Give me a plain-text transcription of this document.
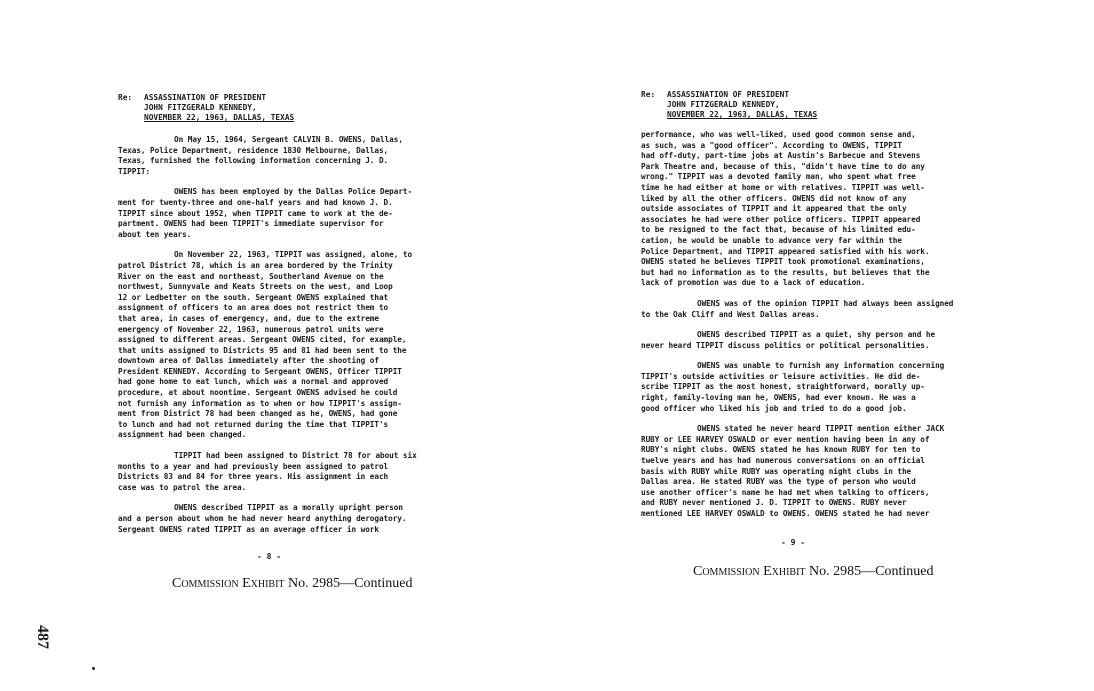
Re: ASSASSINATION OF PRESIDENT
JOHN FITZGERALD KENNEDY,
NOVEMBER 22, 1963, DALLAS, TEXAS

On May 15, 1964, Sergeant CALVIN B. OWENS, Dallas,
Texas, Police Department, residence 1830 Melbourne, Dallas,
Texas, furnished the following information concerning J. D.
TIPPIT:

OWENS has been employed by the Dallas Police Depart-
ment for twenty-three and one-half years and had known J. D.
TIPPIT since about 1952, when TIPPIT came to work at the de-
partment. OWENS had been TIPPIT's immediate supervisor for
about ten years.

On November 22, 1963, TIPPIT was assigned, alone, to
patrol District 78, which is an area bordered by the Trinity
River on the east and northeast, Southerland Avenue on the
northwest, Sunnyvale and Keats Streets on the west, and Loop
12 or Ledbetter on the south. Sergeant OWENS explained that
assignment of officers to an area does not restrict them to
that area, in cases of emergency, and, due to the extreme
emergency of November 22, 1963, numerous patrol units were
assigned to different areas. Sergeant OWENS cited, for example,
that units assigned to Districts 95 and 81 had been sent to the
downtown area of Dallas immediately after the shooting of
President KENNEDY. According to Sergeant OWENS, Officer TIPPIT
had gone home to eat lunch, which was a normal and approved
procedure, at about noontime. Sergeant OWENS advised he could
not furnish any information as to when or how TIPPIT's assign-
ment from District 78 had been changed as he, OWENS, had gone
to lunch and had not returned during the time that TIPPIT's
assignment had been changed.

TIPPIT had been assigned to District 78 for about six
months to a year and had previously been assigned to patrol
Districts 83 and 84 for three years. His assignment in each
case was to patrol the area.

OWENS described TIPPIT as a morally upright person
and a person about whom he had never heard anything derogatory.
Sergeant OWENS rated TIPPIT as an average officer in work

- 8 -
Commission Exhibit No. 2985—Continued
Re: ASSASSINATION OF PRESIDENT
JOHN FITZGERALD KENNEDY,
NOVEMBER 22, 1963, DALLAS, TEXAS

performance, who was well-liked, used good common sense and,
as such, was a "good officer". According to OWENS, TIPPIT
had off-duty, part-time jobs at Austin's Barbecue and Stevens
Park Theatre and, because of this, "didn't have time to do any
wrong." TIPPIT was a devoted family man, who spent what free
time he had either at home or with relatives. TIPPIT was well-
liked by all the other officers. OWENS did not know of any
outside associates of TIPPIT and it appeared that the only
associates he had were other police officers. TIPPIT appeared
to be resigned to the fact that, because of his limited edu-
cation, he would be unable to advance very far within the
Police Department, and TIPPIT appeared satisfied with his work.
OWENS stated he believes TIPPIT took promotional examinations,
but had no information as to the results, but believes that the
lack of promotion was due to a lack of education.

OWENS was of the opinion TIPPIT had always been assigned
to the Oak Cliff and West Dallas areas.

OWENS described TIPPIT as a quiet, shy person and he
never heard TIPPIT discuss politics or political personalities.

OWENS was unable to furnish any information concerning
TIPPIT's outside activities or leisure activities. He did de-
scribe TIPPIT as the most honest, straightforward, morally up-
right, family-loving man he, OWENS, had ever known. He was a
good officer who liked his job and tried to do a good job.

OWENS stated he never heard TIPPIT mention either JACK
RUBY or LEE HARVEY OSWALD or ever mention having been in any of
RUBY's night clubs. OWENS stated he has known RUBY for ten to
twelve years and has had numerous conversations on an official
basis with RUBY while RUBY was operating night clubs in the
Dallas area. He stated RUBY was the type of person who would
use another officer's name he had met when talking to officers,
and RUBY never mentioned J. D. TIPPIT to OWENS. RUBY never
mentioned LEE HARVEY OSWALD to OWENS. OWENS stated he had never

- 9 -
Commission Exhibit No. 2985—Continued
487
